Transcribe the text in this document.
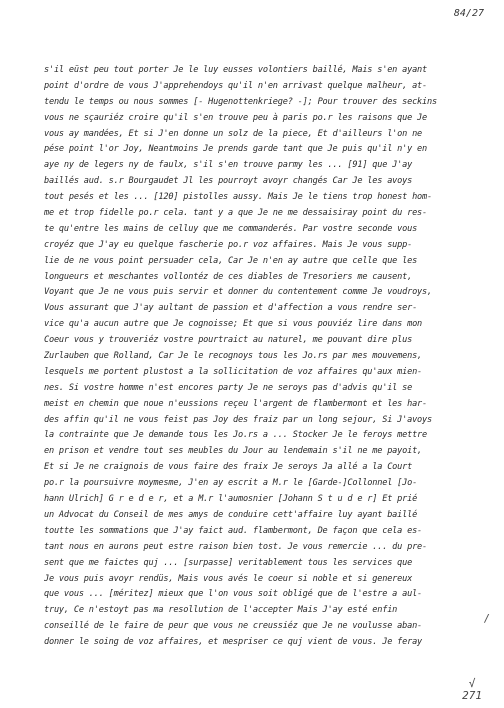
84/27
s'il eüst peu tout porter Je le luy eusses volontiers baillé, Mais s'en ayant
point d'ordre de vous J'apprehendoys qu'il n'en arrivast quelque malheur, at-
tendu le temps ou nous sommes [- Hugenottenkriege? -]; Pour trouver des seckins
vous ne sçauriéz croire qu'il s'en trouve peu à paris po.r les raisons que Je
vous ay mandées, Et si J'en donne un solz de la piece, Et d'ailleurs l'on ne
pése point l'or Joy, Neantmoins Je prends garde tant que Je puis qu'il n'y en
aye ny de legers ny de faulx, s'il s'en trouve parmy les ... [91] que J'ay
baillés aud. s.r Bourgaudet Jl les pourroyt avoyr changés Car Je les avoys
tout pesés et les ... [120] pistolles aussy. Mais Je le tiens trop honest hom-
me et trop fidelle po.r cela. tant y a que Je ne me dessaisiray point du res-
te qu'entre les mains de celluy que me commanderés. Par vostre seconde vous
croyéz que J'ay eu quelque fascherie po.r voz affaires. Mais Je vous supp-
lie de ne vous point persuader cela, Car Je n'en ay autre que celle que les
longueurs et meschantes vollontéz de ces diables de Tresoriers me causent,
Voyant que Je ne vous puis servir et donner du contentement comme Je voudroys,
Vous assurant que J'ay aultant de passion et d'affection a vous rendre ser-
vice qu'a aucun autre que Je cognoisse; Et que si vous pouviéz lire dans mon
Coeur vous y trouveriéz vostre pourtraict au naturel, me pouvant dire plus
Zurlauben que Rolland, Car Je le recognoys tous les Jo.rs par mes mouvemens,
lesquels me portent plustost a la sollicitation de voz affaires qu'aux mien-
nes. Si vostre homme n'est encores party Je ne seroys pas d'advis qu'il se
meist en chemin que noue n'eussions reçeu l'argent de flambermont et les har-
des affin qu'il ne vous feist pas Joy des fraiz par un long sejour, Si J'avoys
la contrainte que Je demande tous les Jo.rs a ... Stocker Je le feroys mettre
en prison et vendre tout ses meubles du Jour au lendemain s'il ne me payoit,
Et si Je ne craignois de vous faire des fraix Je seroys Ja allé a la Court
po.r la poursuivre moymesme, J'en ay escrit a M.r le [Garde-]Collonnel [Jo-
hann Ulrich] G r e d e r, et a M.r l'aumosnier [Johann S t u d e r] Et prié
un Advocat du Conseil de mes amys de conduire cett'affaire luy ayant baillé
toutte les sommations que J'ay faict aud. flambermont, De façon que cela es-
tant nous en aurons peut estre raison bien tost. Je vous remercie ... du pre-
sent que me faictes quj ... [surpasse] veritablement tous les services que
Je vous puis avoyr rendüs, Mais vous avés le coeur si noble et si genereux
que vous ... [méritez] mieux que l'on vous soit obligé que de l'estre a aul-
truy, Ce n'estoyt pas ma resollution de l'accepter Mais J'ay esté enfin
conseillé de le faire de peur que vous ne creussiéz que Je ne voulusse aban-
donner le soing de voz affaires, et mespriser ce quj vient de vous. Je feray
/
√
271
